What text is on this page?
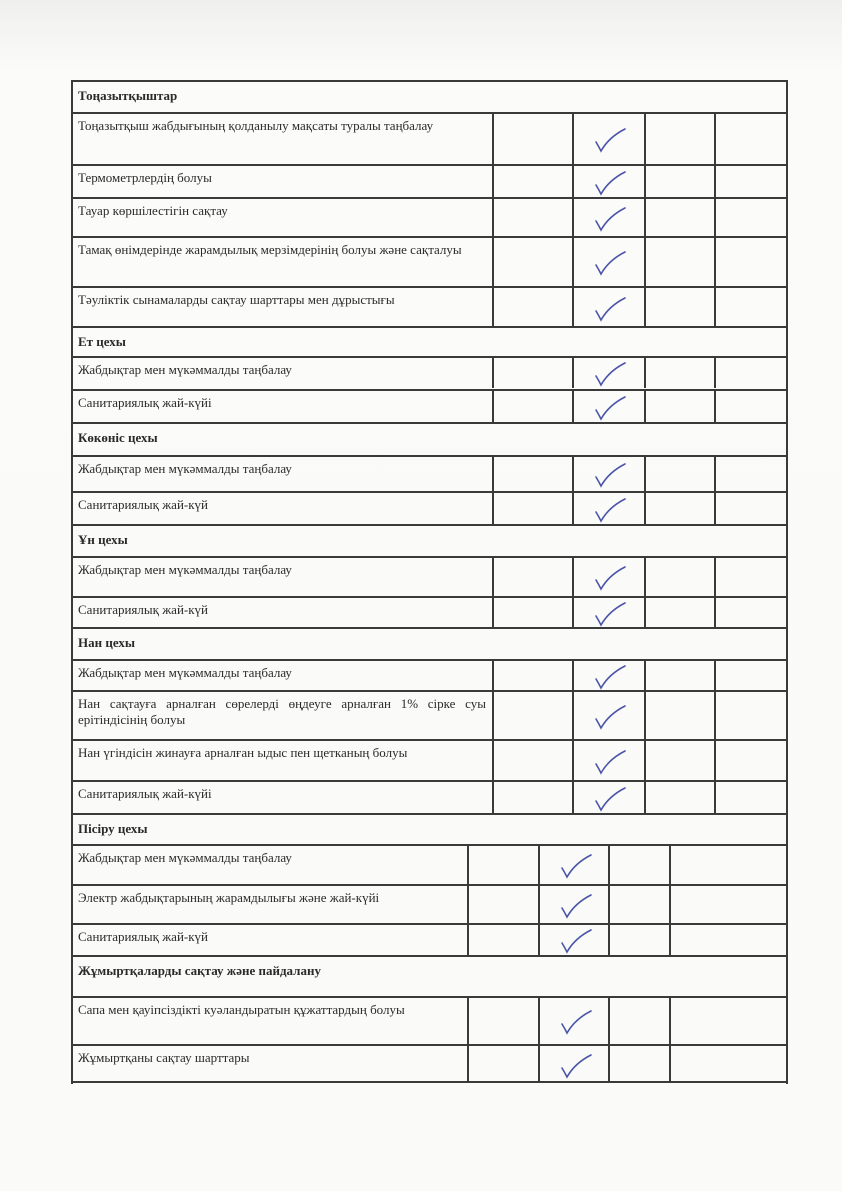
Тоңазытқыштар
Тоңазытқыш жабдығының қолданылу мақсаты туралы таңбалау
Термометрлердің болуы
Тауар көршілестігін сақтау
Тамақ өнімдерінде жарамдылық мерзімдерінің болуы және сақталуы
Тәуліктік сынамаларды сақтау шарттары мен дұрыстығы
Ет цехы
Жабдықтар мен мүкәммалды таңбалау
Санитариялық жай-күйі
Көкөніс цехы
Жабдықтар мен мүкәммалды таңбалау
Санитариялық жай-күй
Ұн цехы
Жабдықтар мен мүкәммалды таңбалау
Санитариялық жай-күй
Нан цехы
Жабдықтар мен мүкәммалды таңбалау
Нан сақтауға арналған сөрелерді өңдеуге арналған 1% сірке суы ерітіндісінің болуы
Нан үгіндісін жинауға арналған ыдыс пен щетканың болуы
Санитариялық жай-күйі
Пісіру цехы
Жабдықтар мен мүкәммалды таңбалау
Электр жабдықтарының жарамдылығы және жай-күйі
Санитариялық жай-күй
Жұмыртқаларды сақтау және пайдалану
Сапа мен қауіпсіздікті куәландыратын құжаттардың болуы
Жұмыртқаны сақтау шарттары
